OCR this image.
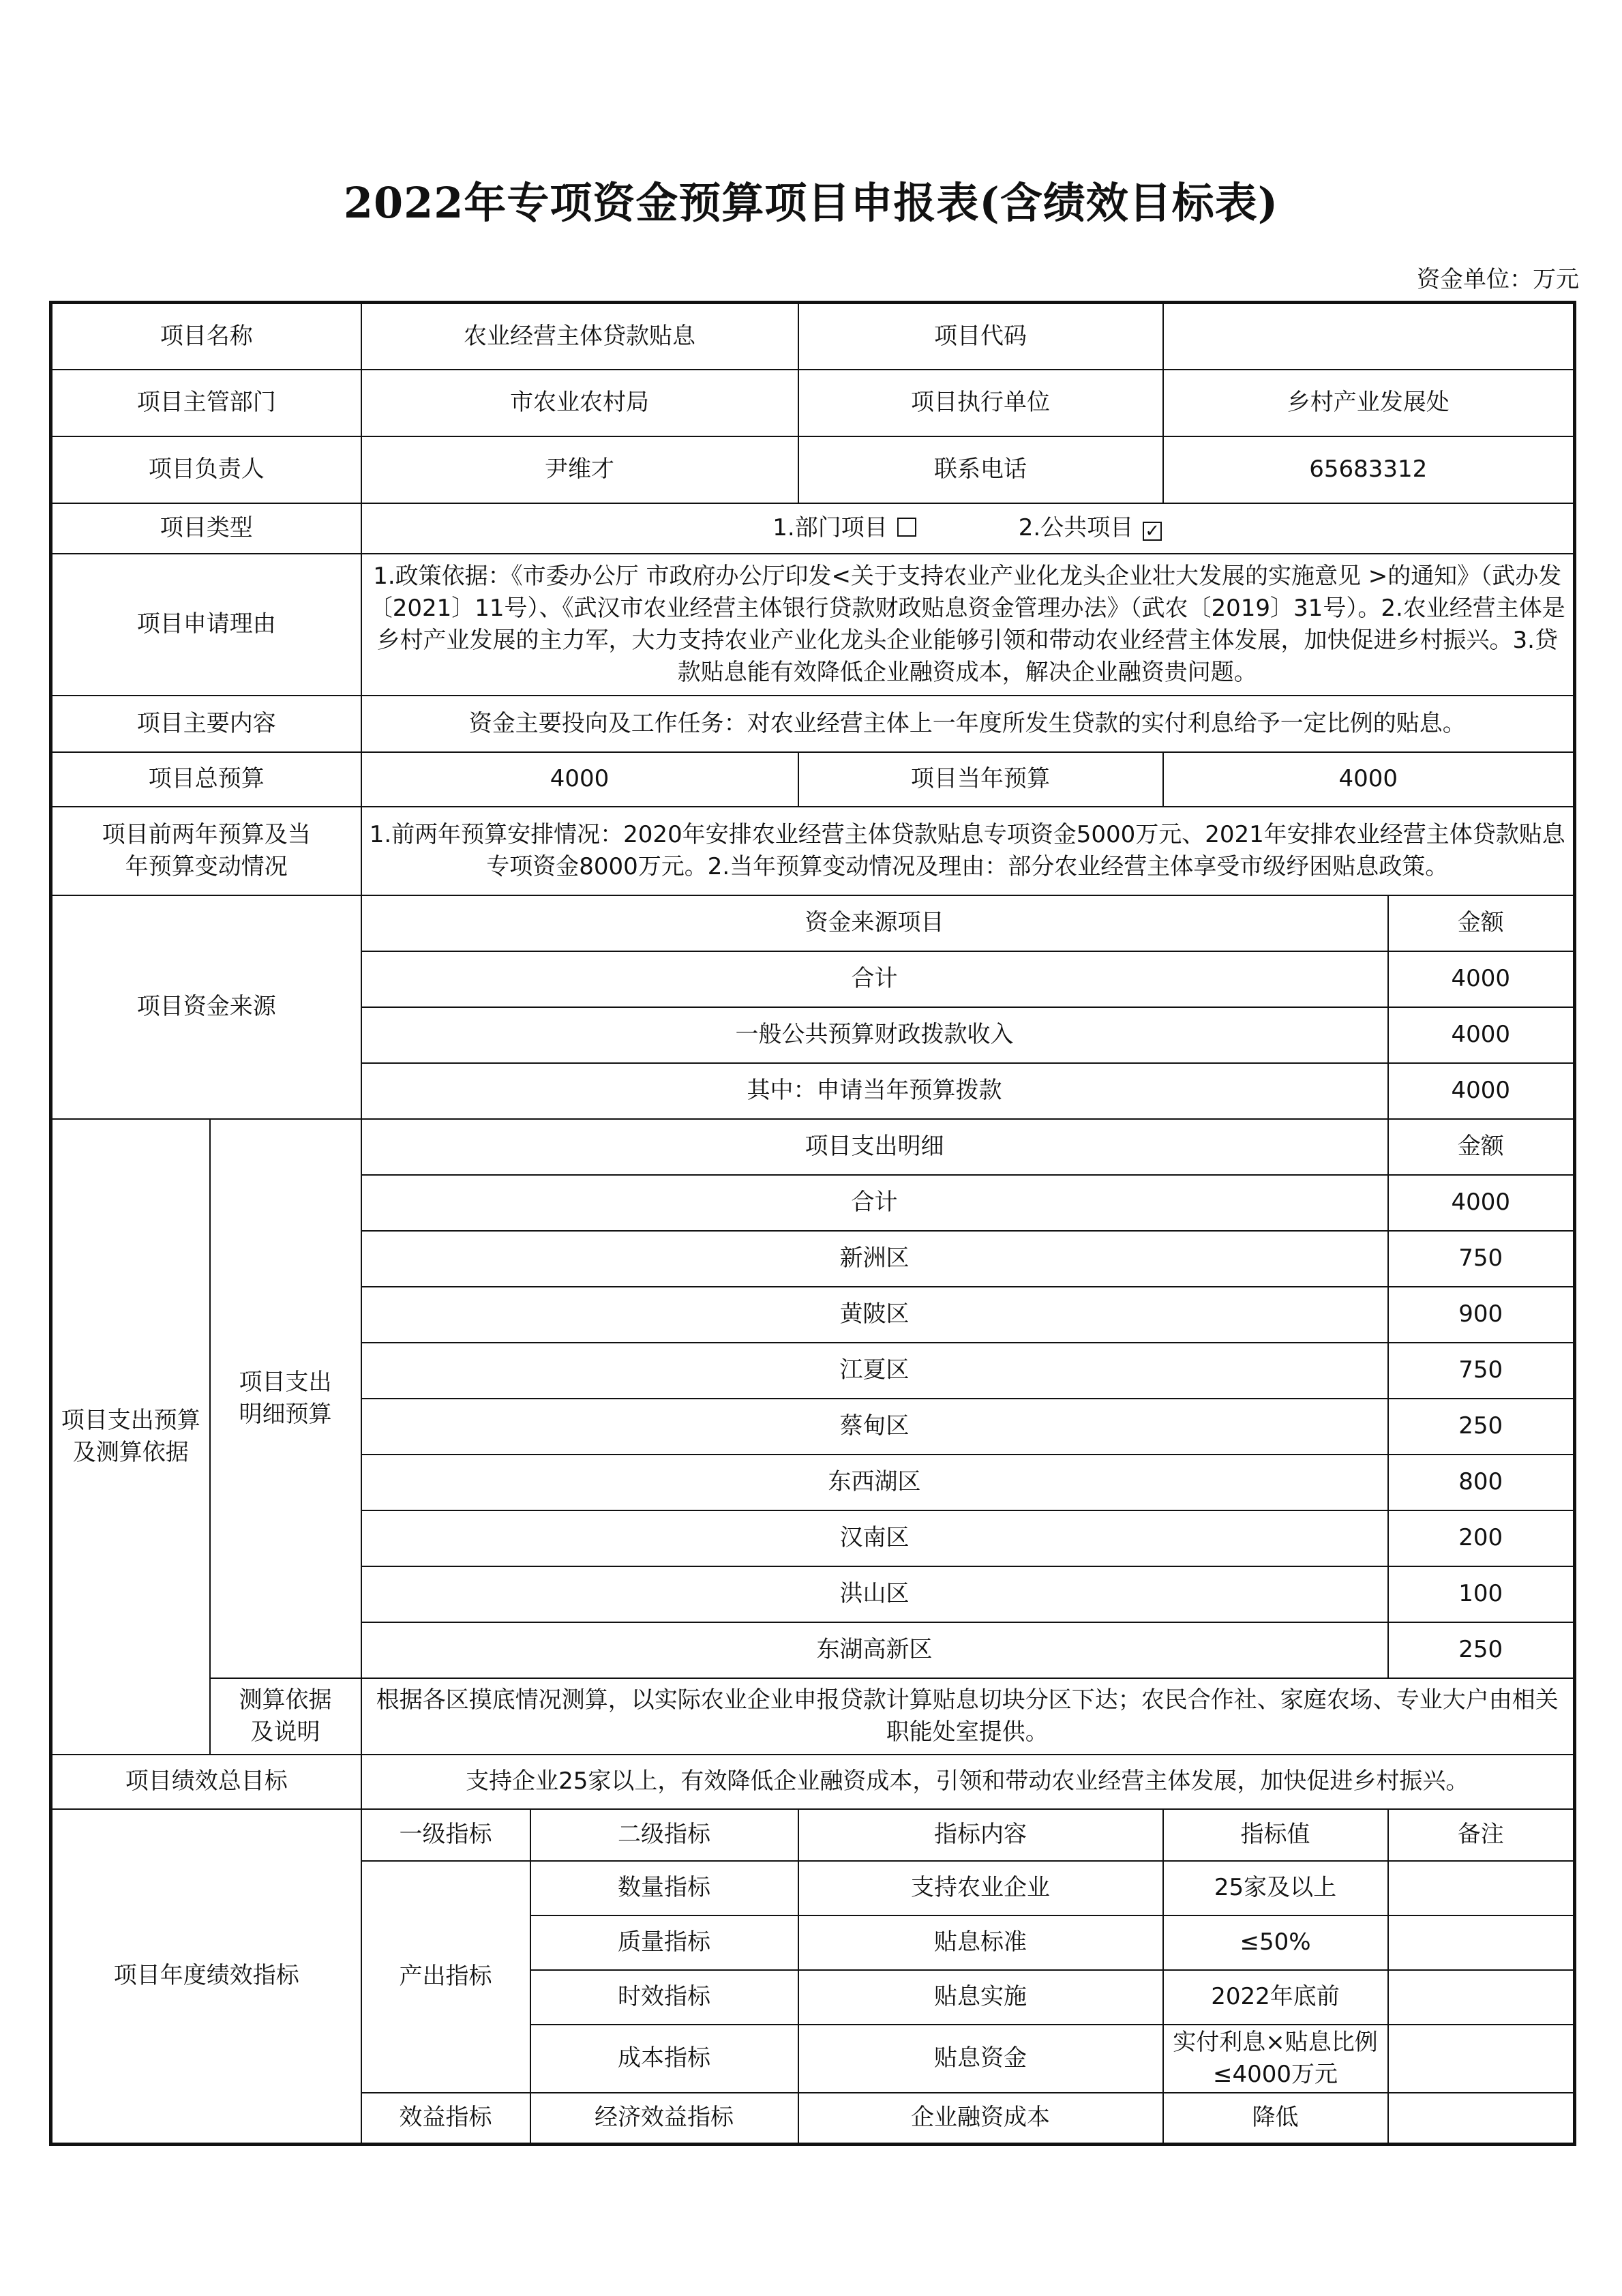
2022年专项资金预算项目申报表(含绩效目标表)
资金单位：万元
项目名称		农业经营主体贷款贴息		项目代码		
项目主管部门		市农业农村局		项目执行单位	乡村产业发展处	
项目负责人		尹维才		联系电话	65683312	
项目类型		1.部门项目 2.公共项目 ✓				
项目申请理由		1.政策依据：《市委办公厅 市政府办公厅印发<关于支持农业产业化龙头企业壮大发展的实施意见 >的通知》（武办发〔2021〕11号）、《武汉市农业经营主体银行贷款财政贴息资金管理办法》（武农〔2019〕31号）。2.农业经营主体是乡村产业发展的主力军，大力支持农业产业化龙头企业能够引领和带动农业经营主体发展，加快促进乡村振兴。3.贷款贴息能有效降低企业融资成本，解决企业融资贵问题。				
项目主要内容		资金主要投向及工作任务：对农业经营主体上一年度所发生贷款的实付利息给予一定比例的贴息。				
项目总预算		4000		项目当年预算	4000	
项目前两年预算及当年预算变动情况		1.前两年预算安排情况：2020年安排农业经营主体贷款贴息专项资金5000万元、2021年安排农业经营主体贷款贴息专项资金8000万元。2.当年预算变动情况及理由：部分农业经营主体享受市级纾困贴息政策。				
项目资金来源		资金来源项目				金额
		合计				4000
		一般公共预算财政拨款收入				4000
		其中：申请当年预算拨款				4000
项目支出预算及测算依据	项目支出明细预算	项目支出明细				金额
		合计				4000
		新洲区				750
		黄陂区				900
		江夏区				750
		蔡甸区				250
		东西湖区				800
		汉南区				200
		洪山区				100
		东湖高新区				250
	测算依据及说明	根据各区摸底情况测算，以实际农业企业申报贷款计算贴息切块分区下达；农民合作社、家庭农场、专业大户由相关职能处室提供。				
项目绩效总目标		支持企业25家以上，有效降低企业融资成本，引领和带动农业经营主体发展，加快促进乡村振兴。				
项目年度绩效指标		一级指标	二级指标	指标内容	指标值	备注
		产出指标	数量指标	支持农业企业	25家及以上	
			质量指标	贴息标准	≤50%	
			时效指标	贴息实施	2022年底前	
			成本指标	贴息资金	实付利息×贴息比例≤4000万元	
		效益指标	经济效益指标	企业融资成本	降低	
